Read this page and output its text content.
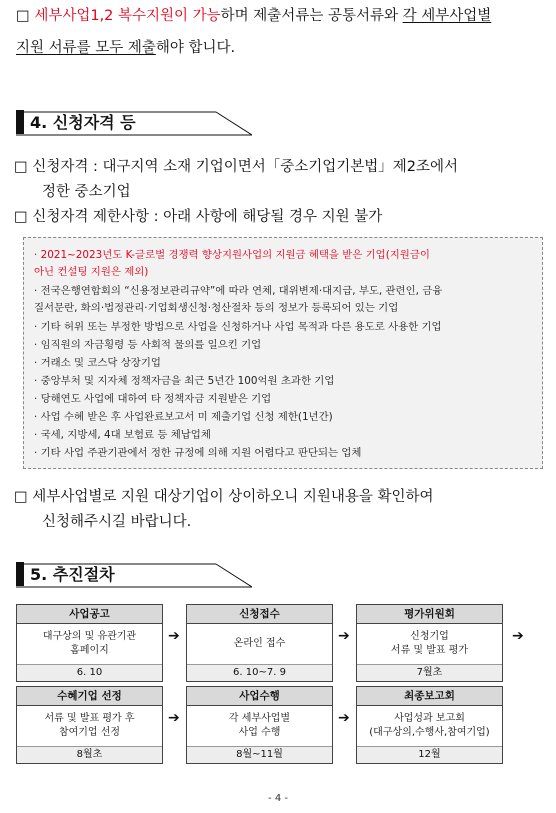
□ 세부사업1,2 복수지원이 가능하며 제출서류는 공통서류와 각 세부사업별
지원 서류를 모두 제출해야 합니다.
4. 신청자격 등
□ 신청자격 : 대구지역 소재 기업이면서「중소기업기본법」제2조에서
정한 중소기업
□ 신청자격 제한사항 : 아래 사항에 해당될 경우 지원 불가
· 2021~2023년도 K-글로벌 경쟁력 향상지원사업의 지원금 혜택을 받은 기업(지원금이
아닌 컨설팅 지원은 제외)
· 전국은행연합회의 “신용정보관리규약”에 따라 연체, 대위변제·대지급, 부도, 관련인, 금융
질서문란, 화의·법정관리·기업회생신청·청산절차 등의 정보가 등록되어 있는 기업
· 기타 허위 또는 부정한 방법으로 사업을 신청하거나 사업 목적과 다른 용도로 사용한 기업
· 임직원의 자금횡령 등 사회적 물의를 일으킨 기업
· 거래소 및 코스닥 상장기업
· 중앙부처 및 지자체 정책자금을 최근 5년간 100억원 초과한 기업
· 당해연도 사업에 대하여 타 정책자금 지원받은 기업
· 사업 수혜 받은 후 사업완료보고서 미 제출기업 신청 제한(1년간)
· 국세, 지방세, 4대 보험료 등 체납업체
· 기타 사업 주관기관에서 정한 규정에 의해 지원 어렵다고 판단되는 업체
□ 세부사업별로 지원 대상기업이 상이하오니 지원내용을 확인하여
신청해주시길 바랍니다.
5. 추진절차
사업공고
대구상의 및 유관기관
홈페이지
6. 10
➔
신청접수
온라인 접수
6. 10~7. 9
➔
평가위원회
신청기업
서류 및 발표 평가
7월초
➔
수혜기업 선정
서류 및 발표 평가 후
참여기업 선정
8월초
➔
사업수행
각 세부사업별
사업 수행
8월~11월
➔
최종보고회
사업성과 보고회
(대구상의,수행사,참여기업)
12월
- 4 -
